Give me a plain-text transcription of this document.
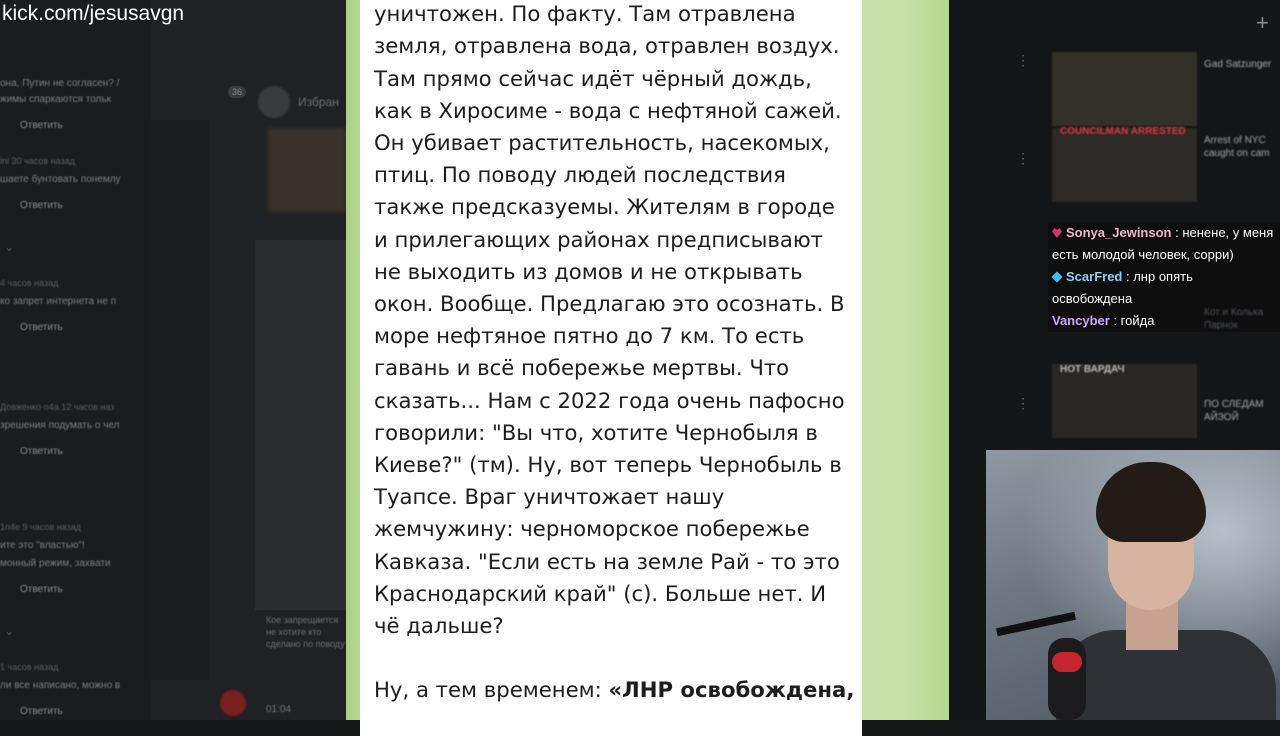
она, Путин не согласен? /
жимы спаркаются тольк
Ответить
ini 30 часов назад
шаете бунтовать понемлу
Ответить
⌄
4 часов назад
ко запрет интернета не п
Ответить
Довженко-п4а 12 часов наз
зрешения подумать о чел
Ответить
1n4e 9 часов назад
ите это "властью"!
монный режим, захвати
Ответить
⌄
1 часов назад
ли все написано, можно в
Ответить
36
Избран
Кое запрещается не хотите кто сделано по поводу
01:04

уничтожен. По факту. Там отравлена

земля, отравлена вода, отравлен воздух.

Там прямо сейчас идёт чёрный дождь,

как в Хиросиме - вода с нефтяной сажей.

Он убивает растительность, насекомых,

птиц. По поводу людей последствия

также предсказуемы. Жителям в городе

и прилегающих районах предписывают

не выходить из домов и не открывать

окон. Вообще. Предлагаю это осознать. В

море нефтяное пятно до 7 км. То есть

гавань и всё побережье мертвы. Что

сказать... Нам с 2022 года очень пафосно

говорили: "Вы что, хотите Чернобыля в

Киеве?" (тм). Ну, вот теперь Чернобыль в

Туапсе. Враг уничтожает нашу

жемчужину: черноморское побережье

Кавказа. "Если есть на земле Рай - то это

Краснодарский край" (с). Больше нет. И

чё дальше?

Ну, а тем временем: «ЛНР освобождена,

+
Gad Satzunger
COUNCILMAN ARRESTED
Arrest of NYC caught on cam
НОТ ВАРДАЧ
ПО СЛЕДАМ АЙЗОЙ
⋮
⋮
⋮
Sonya_Jewinson : ненене, у меня есть молодой человек, сорри)
ScarFred : лнр опять освобождена
Vancyber : гойда
kick.com/jesusavgn
